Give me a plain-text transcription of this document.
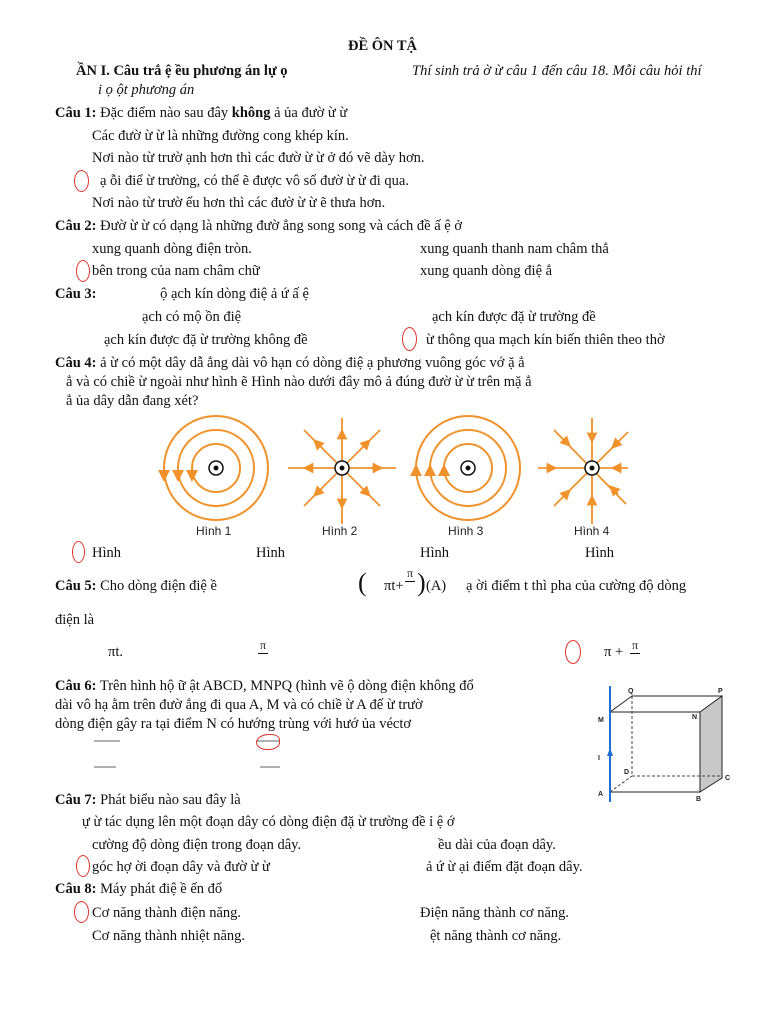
ĐỀ ÔN TẬ
ẦN I. Câu trắ ệ ều phương án lự ọ	Thí sinh trả ờ ừ câu 1 đến câu 18. Mỗi câu hỏi thí
i ọ ột phương án
Câu 1: Đặc điểm nào sau đây không ả ủa đườ ừ ừ
Các đườ ừ ừ là những đường cong khép kín.
Nơi nào từ trườ ạnh hơn thì các đườ ừ ừ ở đó vẽ dày hơn.
ạ ỗi điể ừ trường, có thể ẽ được vô số đườ ừ ừ đi qua.
Nơi nào từ trườ ếu hơn thì các đườ ừ ừ ẽ thưa hơn.
Câu 2: Đườ ừ ừ có dạng là những đườ ẳng song song và cách đề ấ ệ ở
xung quanh dòng điện tròn.	xung quanh thanh nam châm thẳ
bên trong của nam châm chữ	xung quanh dòng điệ ẳ
Câu 3:	ộ ạch kín dòng điệ ả ứ ấ ệ
ạch có mộ ồn điệ	ạch kín được đặ ừ trường đề
ạch kín được đặ ừ trường không đề	ừ thông qua mạch kín biến thiên theo thờ
Câu 4: ả ừ có một dây dẫ ẳng dài vô hạn có dòng điệ ạ phương vuông góc vớ ặ ẳ
ẳ và có chiề ừ ngoài như hình ẽ Hình nào dưới đây mô ả đúng đườ ừ ừ trên mặ ẳ
ẳ ủa dây dẫn đang xét?
Hình 1	Hình 2	Hình 3	Hình 4
Hình	Hình	Hình	Hình
Câu 5: Cho dòng điện điệ ề	( πt+
π ) (A) ạ ời điểm t thì pha của cường độ dòng
điện là
πt.	π	π + π
Câu 6: Trên hình hộ ữ ật ABCD, MNPQ (hình vẽ ộ dòng điện không đổ
dài vô hạ ằm trên đườ ẳng đi qua A, M và có chiề ừ A đế ừ trườ
dòng điện gây ra tại điểm N có hướng trùng với hướ ủa véctơ
Q	P
M	N
I
D
C
A
B
Câu 7: Phát biểu nào sau đây là
ự ừ tác dụng lên một đoạn dây có dòng điện đặ ừ trường đề ỉ ệ ớ
cường độ dòng điện trong đoạn dây.	ều dài của đoạn dây.
góc hợ ời đoạn dây và đườ ừ ừ	ả ứ ừ ại điểm đặt đoạn dây.
Câu 8: Máy phát điệ ề ến đổ
Cơ năng thành điện năng.	Điện năng thành cơ năng.
Cơ năng thành nhiệt năng.	ệt năng thành cơ năng.
